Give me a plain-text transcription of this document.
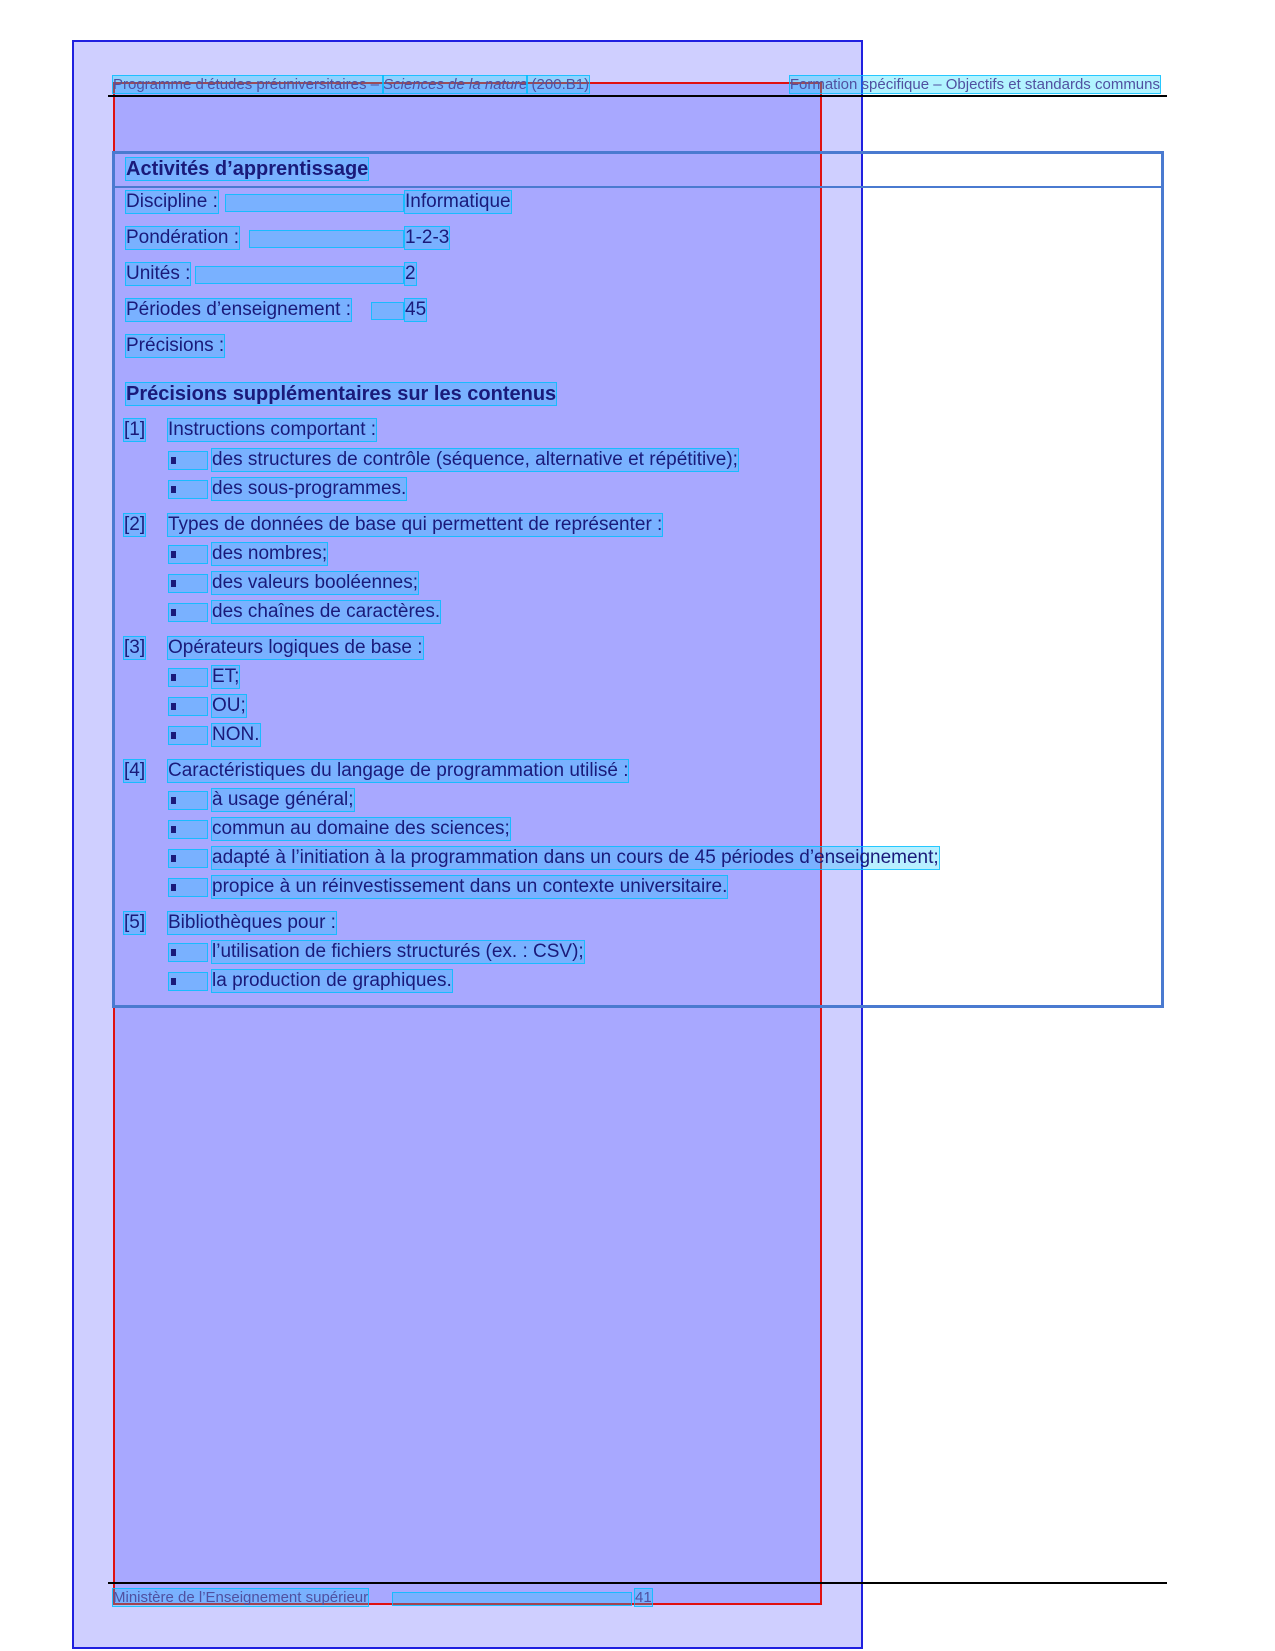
Programme d’études préuniversitaires – Sciences de la nature (200.B1)	Formation spécifique – Objectifs et standards communs
Activités d’apprentissage
Discipline :	Informatique
Pondération :	1-2-3
Unités :	2
Périodes d’enseignement :	45
Précisions :
Précisions supplémentaires sur les contenus
[1] Instructions comportant :
des structures de contrôle (séquence, alternative et répétitive);
des sous-programmes.
[2] Types de données de base qui permettent de représenter :
des nombres;
des valeurs booléennes;
des chaînes de caractères.
[3] Opérateurs logiques de base :
ET;
OU;
NON.
[4] Caractéristiques du langage de programmation utilisé :
à usage général;
commun au domaine des sciences;
adapté à l’initiation à la programmation dans un cours de 45 périodes d’enseignement;
propice à un réinvestissement dans un contexte universitaire.
[5] Bibliothèques pour :
l’utilisation de fichiers structurés (ex. : CSV);
la production de graphiques.
Ministère de l’Enseignement supérieur	41
